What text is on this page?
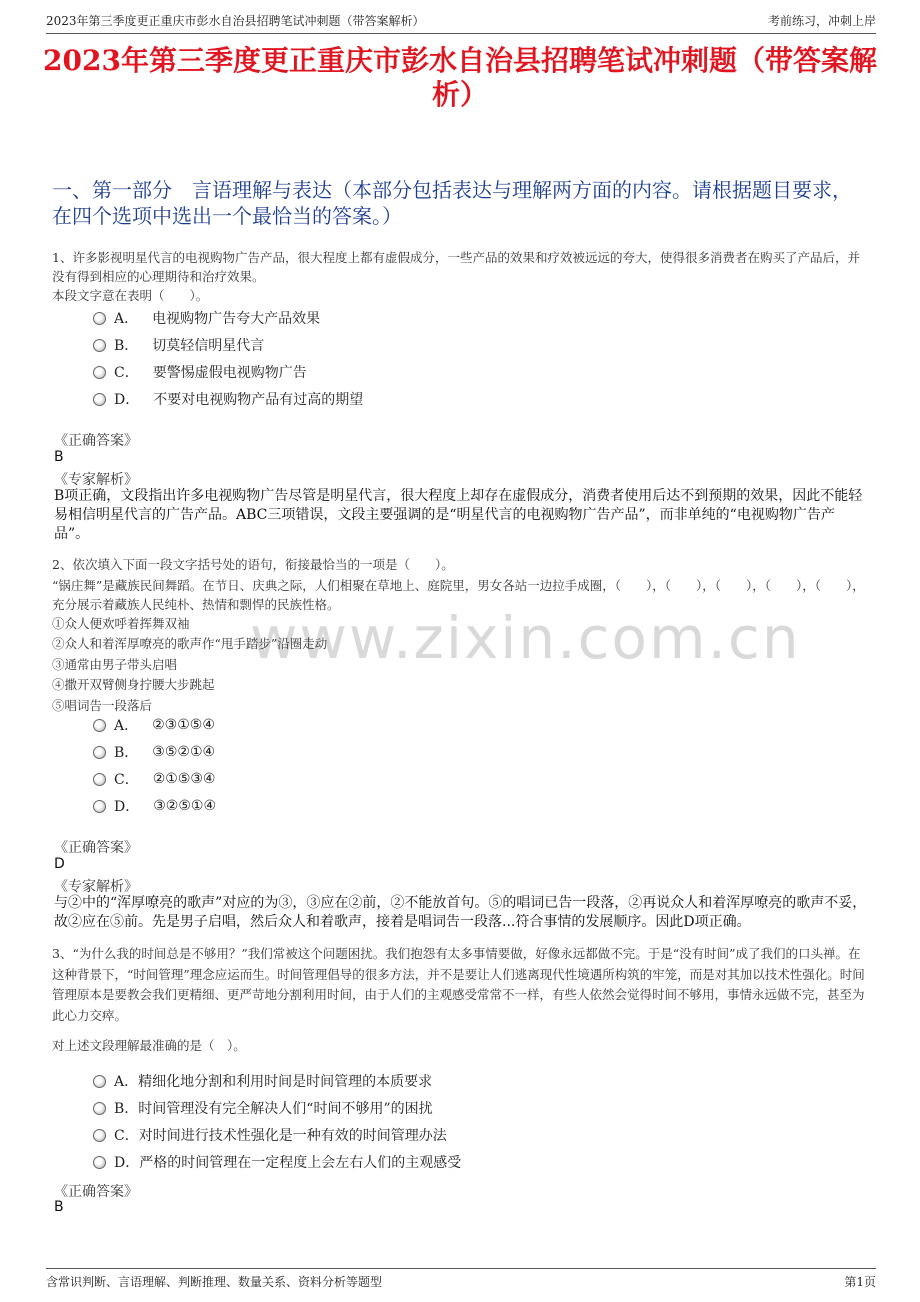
2023年第三季度更正重庆市彭水自治县招聘笔试冲刺题（带答案解析）	考前练习，冲刺上岸
2023年第三季度更正重庆市彭水自治县招聘笔试冲刺题（带答案解析）
一、第一部分　言语理解与表达（本部分包括表达与理解两方面的内容。请根据题目要求，在四个选项中选出一个最恰当的答案。）
www.zixin.com.cn
1、许多影视明星代言的电视购物广告产品，很大程度上都有虚假成分，一些产品的效果和疗效被远远的夸大，使得很多消费者在购买了产品后，并没有得到相应的心理期待和治疗效果。
本段文字意在表明（　　）。
A． 电视购物广告夸大产品效果
B． 切莫轻信明星代言
C． 要警惕虚假电视购物广告
D． 不要对电视购物产品有过高的期望
《正确答案》
B
《专家解析》
B项正确，文段指出许多电视购物广告尽管是明星代言，很大程度上却存在虚假成分，消费者使用后达不到预期的效果，因此不能轻易相信明星代言的广告产品。ABC三项错误，文段主要强调的是“明星代言的电视购物广告产品”，而非单纯的“电视购物广告产品”。
2、依次填入下面一段文字括号处的语句，衔接最恰当的一项是（　　）。
“锅庄舞”是藏族民间舞蹈。在节日、庆典之际，人们相聚在草地上、庭院里，男女各站一边拉手成圈，（　　），（　　），（　　），（　　），（　　），充分展示着藏族人民纯朴、热情和剽悍的民族性格。
①众人便欢呼着挥舞双袖
②众人和着浑厚嘹亮的歌声作“甩手踏步”沿圈走动
③通常由男子带头启唱
④撒开双臂侧身拧腰大步跳起
⑤唱词告一段落后
A． ②③①⑤④
B． ③⑤②①④
C． ②①⑤③④
D． ③②⑤①④
《正确答案》
D
《专家解析》
与②中的“浑厚嘹亮的歌声”对应的为③，③应在②前，②不能放首句。⑤的唱词已告一段落，②再说众人和着浑厚嘹亮的歌声不妥，故②应在⑤前。先是男子启唱，然后众人和着歌声，接着是唱词告一段落...符合事情的发展顺序。因此D项正确。
3、“为什么我的时间总是不够用？”我们常被这个问题困扰。我们抱怨有太多事情要做，好像永远都做不完。于是“没有时间”成了我们的口头禅。在这种背景下，“时间管理”理念应运而生。时间管理倡导的很多方法，并不是要让人们逃离现代性境遇所构筑的牢笼，而是对其加以技术性强化。时间管理原本是要教会我们更精细、更严苛地分割利用时间，由于人们的主观感受常常不一样，有些人依然会觉得时间不够用，事情永远做不完，甚至为此心力交瘁。
对上述文段理解最准确的是（　）。
A． 精细化地分割和利用时间是时间管理的本质要求
B． 时间管理没有完全解决人们“时间不够用”的困扰
C． 对时间进行技术性强化是一种有效的时间管理办法
D． 严格的时间管理在一定程度上会左右人们的主观感受
《正确答案》
B
含常识判断、言语理解、判断推理、数量关系、资料分析等题型	第1页
